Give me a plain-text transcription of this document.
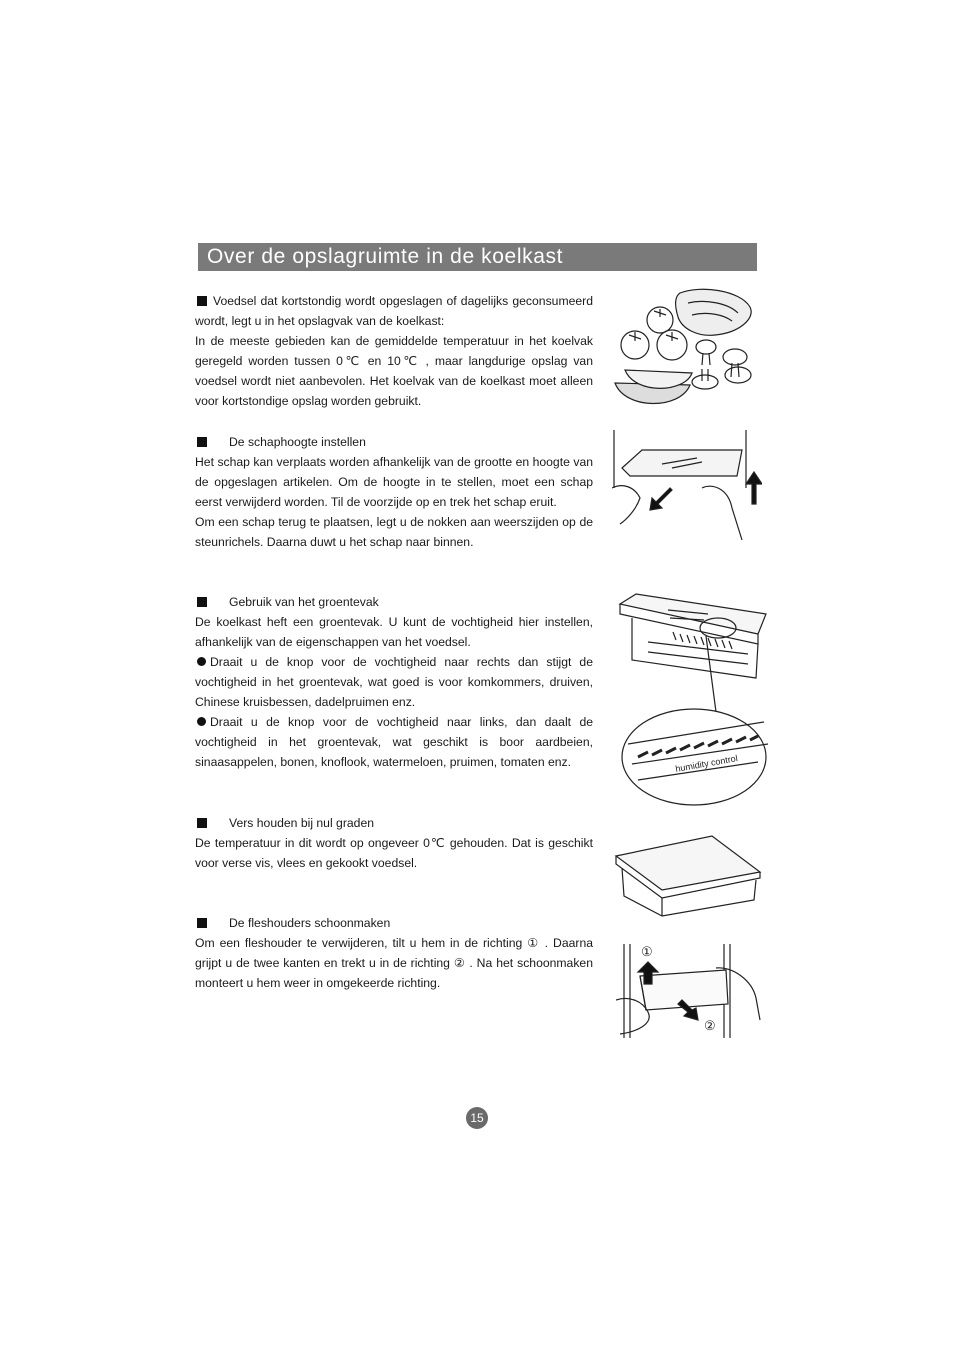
Over de opslagruimte in de koelkast

Voedsel dat kortstondig wordt opgeslagen of dagelijks geconsumeerd wordt, legt u in het opslagvak van de koelkast:

In de meeste gebieden kan de gemiddelde temperatuur in het koelvak geregeld worden tussen 0℃ en 10℃ , maar langdurige opslag van voedsel wordt niet aanbevolen. Het koelvak van de koelkast moet alleen voor kortstondige opslag worden gebruikt.

De schaphoogte instellen

Het schap kan verplaats worden afhankelijk van de grootte en hoogte van de opgeslagen artikelen. Om de hoogte in te stellen, moet een schap eerst verwijderd worden. Til de voorzijde op en trek het schap eruit.

Om een schap terug te plaatsen, legt u de nokken aan weerszijden op de steunrichels. Daarna duwt u het schap naar binnen.

Gebruik van het groentevak

De koelkast heft een groentevak. U kunt de vochtigheid hier instellen, afhankelijk van de eigenschappen van het voedsel.

Draait u de knop voor de vochtigheid naar rechts dan stijgt de vochtigheid in het groentevak, wat goed is voor komkommers, druiven, Chinese kruisbessen, dadelpruimen enz.

Draait u de knop voor de vochtigheid naar links, dan daalt de vochtigheid in het groentevak, wat geschikt is boor aardbeien, sinaasappelen, bonen, knoflook, watermeloen, pruimen, tomaten enz.

Vers houden bij nul graden

De temperatuur in dit wordt op ongeveer 0℃ gehouden. Dat is geschikt voor verse vis, vlees en gekookt voedsel.

De fleshouders schoonmaken

Om een fleshouder te verwijderen, tilt u hem in de richting ① . Daarna grijpt u de twee kanten en trekt u in de richting ② . Na het schoonmaken monteert u hem weer in omgekeerde richting.

humidity control
①
②
15
